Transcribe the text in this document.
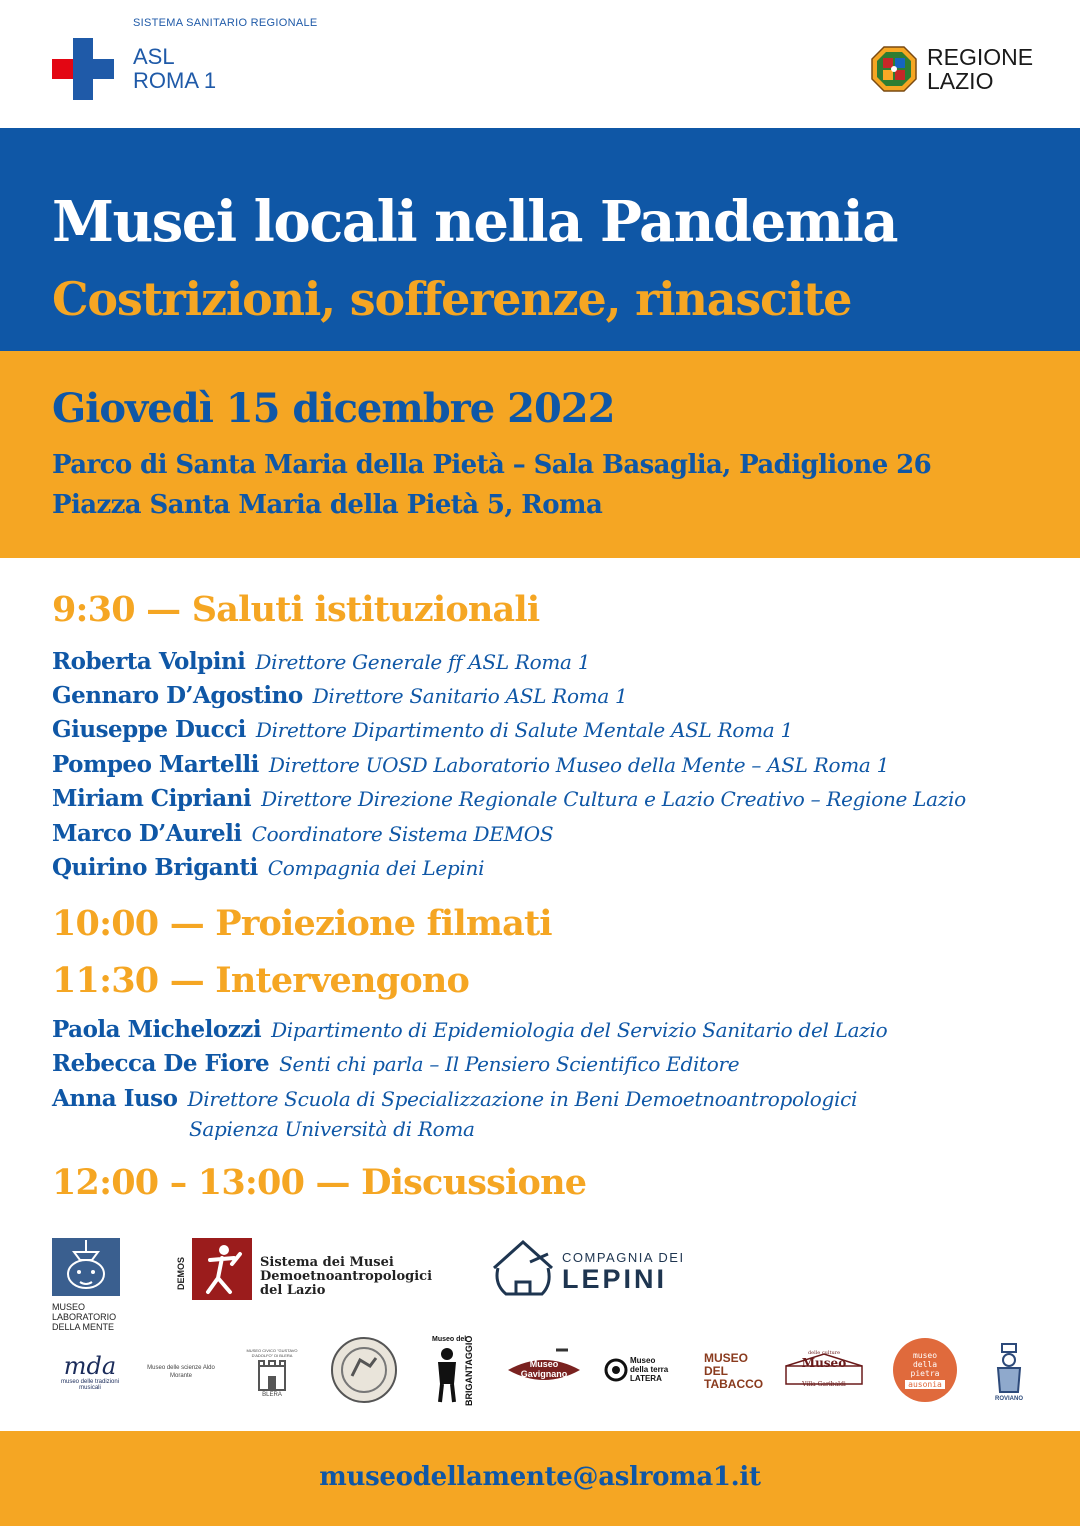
SISTEMA SANITARIO REGIONALE
ASL
ROMA 1
REGIONE
LAZIO
Musei locali nella Pandemia
Costrizioni, sofferenze, rinascite
Giovedì 15 dicembre 2022
Parco di Santa Maria della Pietà – Sala Basaglia, Padiglione 26
Piazza Santa Maria della Pietà 5, Roma
9:30 — Saluti istituzionali
Roberta Volpini Direttore Generale ff ASL Roma 1
Gennaro D’Agostino Direttore Sanitario ASL Roma 1
Giuseppe Ducci Direttore Dipartimento di Salute Mentale ASL Roma 1
Pompeo Martelli Direttore UOSD Laboratorio Museo della Mente – ASL Roma 1
Miriam Cipriani Direttore Direzione Regionale Cultura e Lazio Creativo – Regione Lazio
Marco D’Aureli Coordinatore Sistema DEMOS
Quirino Briganti Compagnia dei Lepini
10:00 — Proiezione filmati
11:30 — Intervengono
Paola Michelozzi Dipartimento di Epidemiologia del Servizio Sanitario del Lazio
Rebecca De Fiore Senti chi parla – Il Pensiero Scientifico Editore
Anna Iuso Direttore Scuola di Specializzazione in Beni Demoetnoantropologici
Sapienza Università di Roma
12:00 – 13:00 — Discussione
MUSEO
LABORATORIO
DELLA MENTE
DEMOS	Sistema dei Musei
Demoetnoantropologici
del Lazio
COMPAGNIA DEI
LEPINI
mda
museo delle tradizioni musicali
Museo delle scienze Aldo Morante
MUSEO CIVICO "GUSTAVO D'ADOLFO" DI BLERA
BLERA
Museo del
BRIGANTAGGIO	Museo Gavignano
Museo
della terra
LATERA
MUSEO
DEL
TABACCO
delle culture
Museo
Villa Garibaldi
museo
della
pietra
ausonia
ROVIANO
museodellamente@aslroma1.it
